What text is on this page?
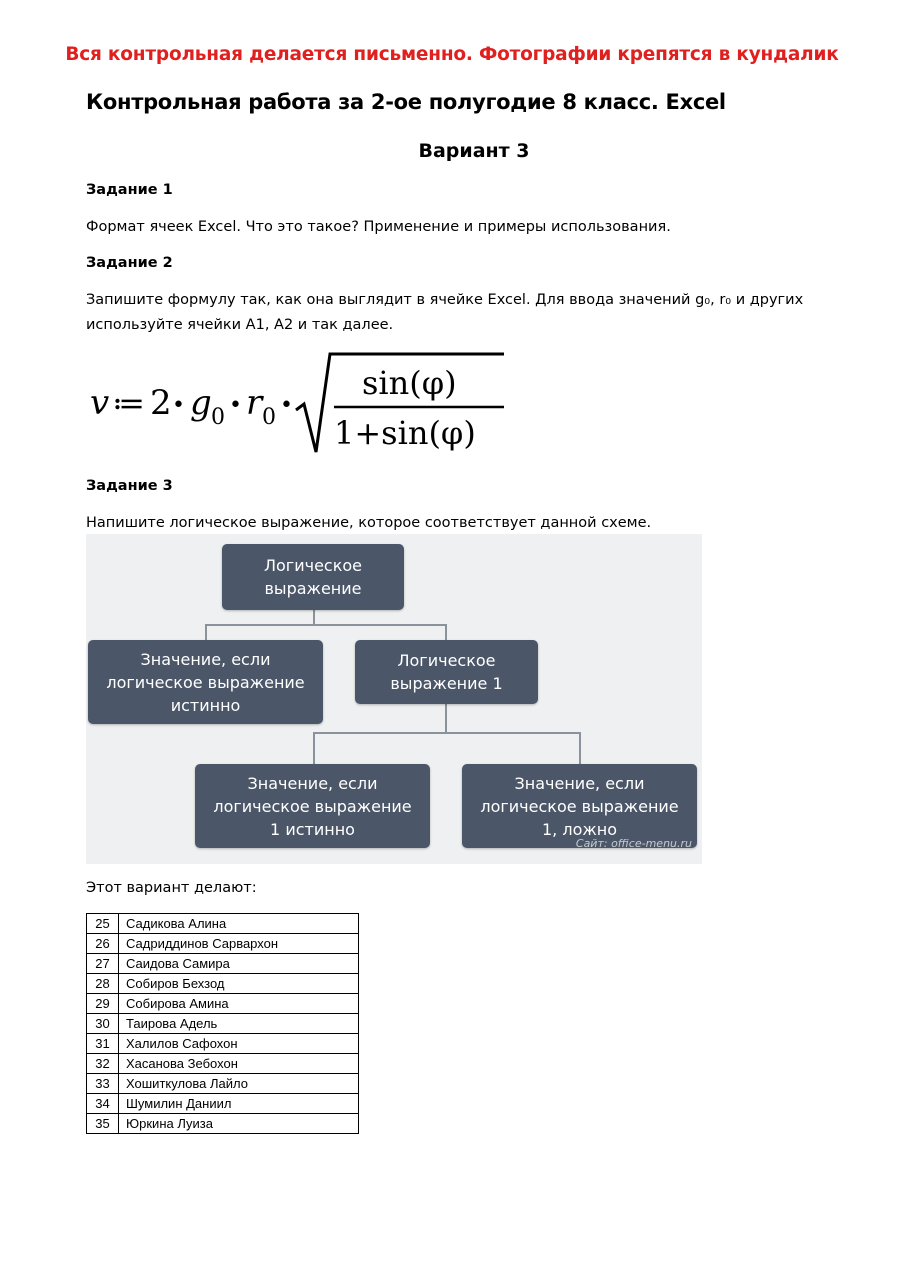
Вся контрольная делается письменно. Фотографии крепятся в кундалик
Контрольная работа за 2-ое полугодие 8 класс. Excel
Вариант 3
Задание 1
Формат ячеек Excel. Что это такое? Применение и примеры использования.
Задание 2
Запишите формулу так, как она выглядит в ячейке Excel. Для ввода значений g₀, r₀ и других
используйте ячейки A1, A2 и так далее.
v ≔ 2 • g 0 • r 0 •
sin(φ)
1+sin(φ)
Задание 3
Напишите логическое выражение, которое соответствует данной схеме.
Логическое
выражение
Значение, если
логическое выражение
истинно
Логическое
выражение 1
Значение, если
логическое выражение
1 истинно
Значение, если
логическое выражение
1, ложно
Сайт: office-menu.ru
Этот вариант делают:
25	Садикова Алина
26	Садриддинов Сарвархон
27	Саидова Самира
28	Собиров Бехзод
29	Собирова Амина
30	Таирова Адель
31	Халилов Сафохон
32	Хасанова Зебохон
33	Хошиткулова Лайло
34	Шумилин Даниил
35	Юркина Луиза
